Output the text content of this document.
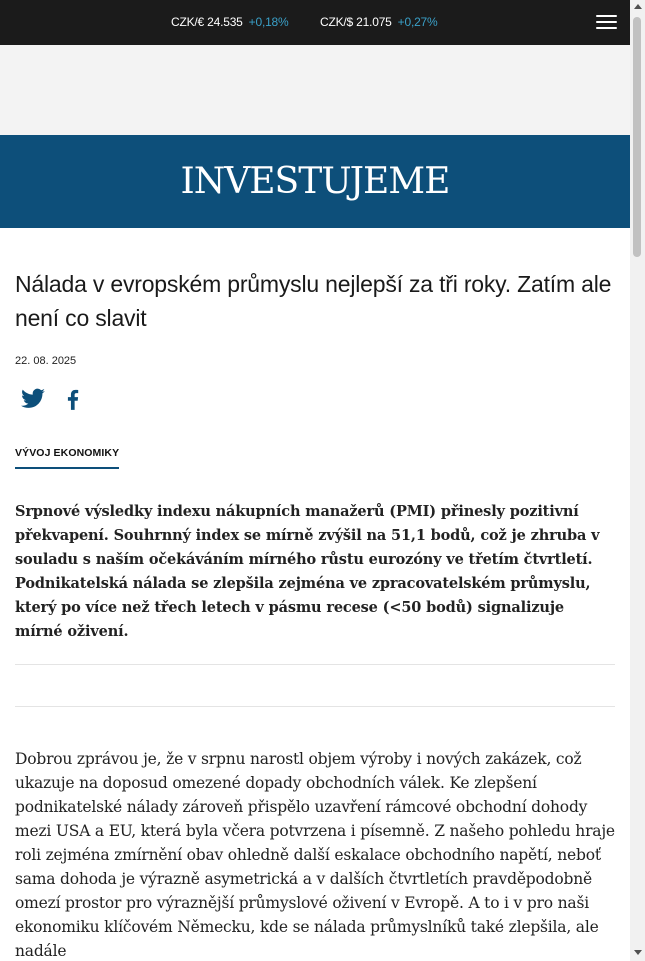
CZK/€ 24.535 +0,18%	CZK/$ 21.075 +0,27%
INVESTUJEME
Nálada v evropském průmyslu nejlepší za tři roky. Zatím ale není co slavit
22. 08. 2025
VÝVOJ EKONOMIKY

Srpnové výsledky indexu nákupních manažerů (PMI) přinesly pozitivní překvapení. Souhrnný index se mírně zvýšil na 51,1 bodů, což je zhruba v souladu s naším očekáváním mírného růstu eurozóny ve třetím čtvrtletí. Podnikatelská nálada se zlepšila zejména ve zpracovatelském průmyslu, který po více než třech letech v pásmu recese (<50 bodů) signalizuje mírné oživení.

Dobrou zprávou je, že v srpnu narostl objem výroby i nových zakázek, což ukazuje na doposud omezené dopady obchodních válek. Ke zlepšení podnikatelské nálady zároveň přispělo uzavření rámcové obchodní dohody mezi USA a EU, která byla včera potvrzena i písemně. Z našeho pohledu hraje roli zejména zmírnění obav ohledně další eskalace obchodního napětí, neboť sama dohoda je výrazně asymetrická a v dalších čtvrtletích pravděpodobně omezí prostor pro výraznější průmyslové oživení v Evropě. A to i v pro naši ekonomiku klíčovém Německu, kde se nálada průmyslníků také zlepšila, ale nadále
